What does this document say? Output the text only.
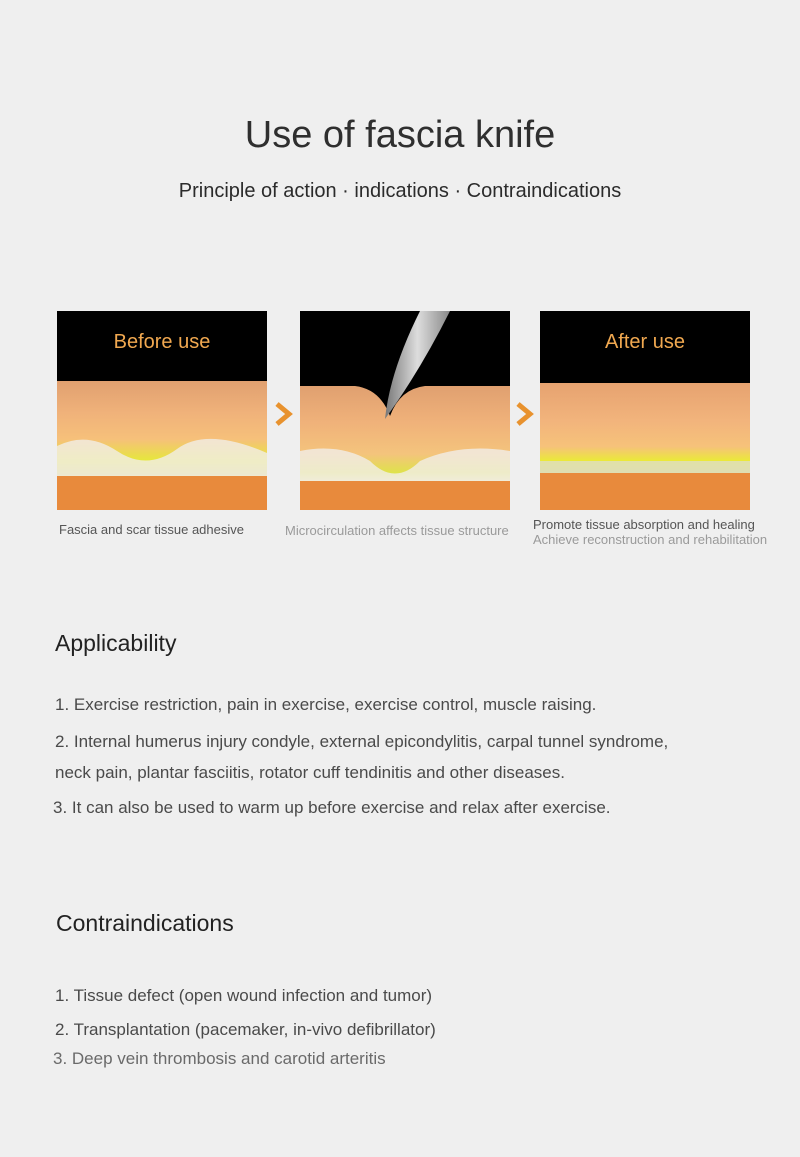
Use of fascia knife
Principle of action · indications · Contraindications
Before use	After use
Fascia and scar tissue adhesive	Microcirculation affects tissue structure Promote tissue absorption and healing
Achieve reconstruction and rehabilitation
Applicability
1. Exercise restriction, pain in exercise, exercise control, muscle raising.
2. Internal humerus injury condyle, external epicondylitis, carpal tunnel syndrome,
neck pain, plantar fasciitis, rotator cuff tendinitis and other diseases.
3. It can also be used to warm up before exercise and relax after exercise.
Contraindications
1. Tissue defect (open wound infection and tumor)
2. Transplantation (pacemaker, in-vivo defibrillator)
3. Deep vein thrombosis and carotid arteritis
